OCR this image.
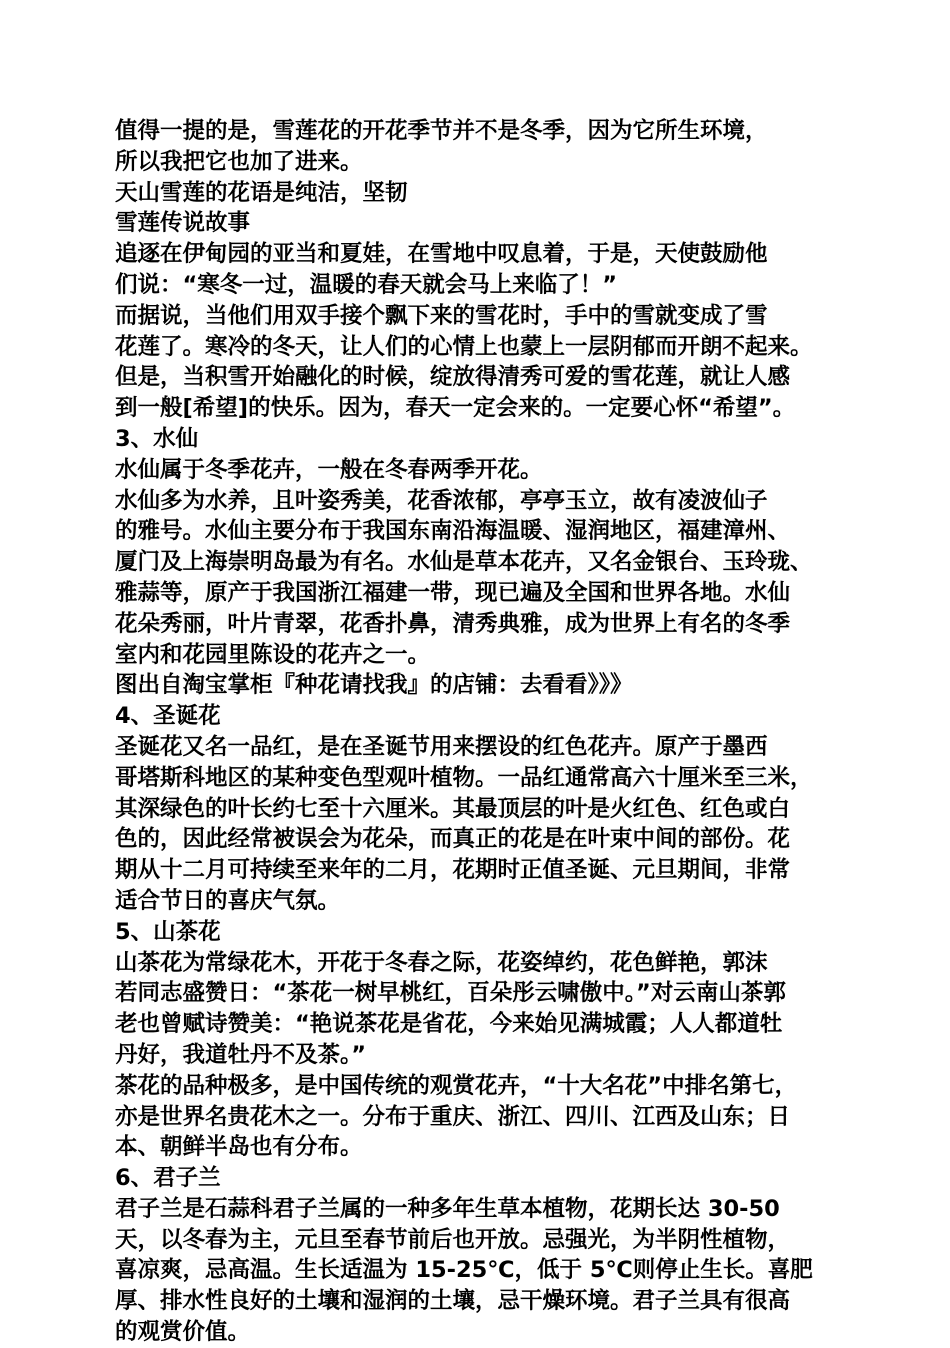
值得一提的是，雪莲花的开花季节并不是冬季，因为它所生环境，
所以我把它也加了进来。
天山雪莲的花语是纯洁，坚韧
雪莲传说故事
追逐在伊甸园的亚当和夏娃，在雪地中叹息着，于是，天使鼓励他
们说：“寒冬一过，温暖的春天就会马上来临了！”
而据说，当他们用双手接个飘下来的雪花时，手中的雪就变成了雪
花莲了。寒冷的冬天，让人们的心情上也蒙上一层阴郁而开朗不起来。
但是，当积雪开始融化的时候，绽放得清秀可爱的雪花莲，就让人感
到一般[希望]的快乐。因为，春天一定会来的。一定要心怀“希望”。
3、水仙
水仙属于冬季花卉，一般在冬春两季开花。
水仙多为水养，且叶姿秀美，花香浓郁，亭亭玉立，故有凌波仙子
的雅号。水仙主要分布于我国东南沿海温暖、湿润地区，福建漳州、
厦门及上海崇明岛最为有名。水仙是草本花卉，又名金银台、玉玲珑、
雅蒜等，原产于我国浙江福建一带，现已遍及全国和世界各地。水仙
花朵秀丽，叶片青翠，花香扑鼻，清秀典雅，成为世界上有名的冬季
室内和花园里陈设的花卉之一。
图出自淘宝掌柜『种花请找我』的店铺：去看看》》》
4、圣诞花
圣诞花又名一品红，是在圣诞节用来摆设的红色花卉。原产于墨西
哥塔斯科地区的某种变色型观叶植物。一品红通常高六十厘米至三米，
其深绿色的叶长约七至十六厘米。其最顶层的叶是火红色、红色或白
色的，因此经常被误会为花朵，而真正的花是在叶束中间的部份。花
期从十二月可持续至来年的二月，花期时正值圣诞、元旦期间，非常
适合节日的喜庆气氛。
5、山茶花
山茶花为常绿花木，开花于冬春之际，花姿绰约，花色鲜艳，郭沫
若同志盛赞日：“茶花一树早桃红，百朵彤云啸傲中。”对云南山茶郭
老也曾赋诗赞美：“艳说茶花是省花，今来始见满城霞；人人都道牡
丹好，我道牡丹不及茶。”
茶花的品种极多，是中国传统的观赏花卉，“十大名花”中排名第七，
亦是世界名贵花木之一。分布于重庆、浙江、四川、江西及山东；日
本、朝鲜半岛也有分布。
6、君子兰
君子兰是石蒜科君子兰属的一种多年生草本植物，花期长达 30-50
天，以冬春为主，元旦至春节前后也开放。忌强光，为半阴性植物，
喜凉爽，忌高温。生长适温为 15-25℃，低于 5℃则停止生长。喜肥
厚、排水性良好的土壤和湿润的土壤，忌干燥环境。君子兰具有很高
的观赏价值。
